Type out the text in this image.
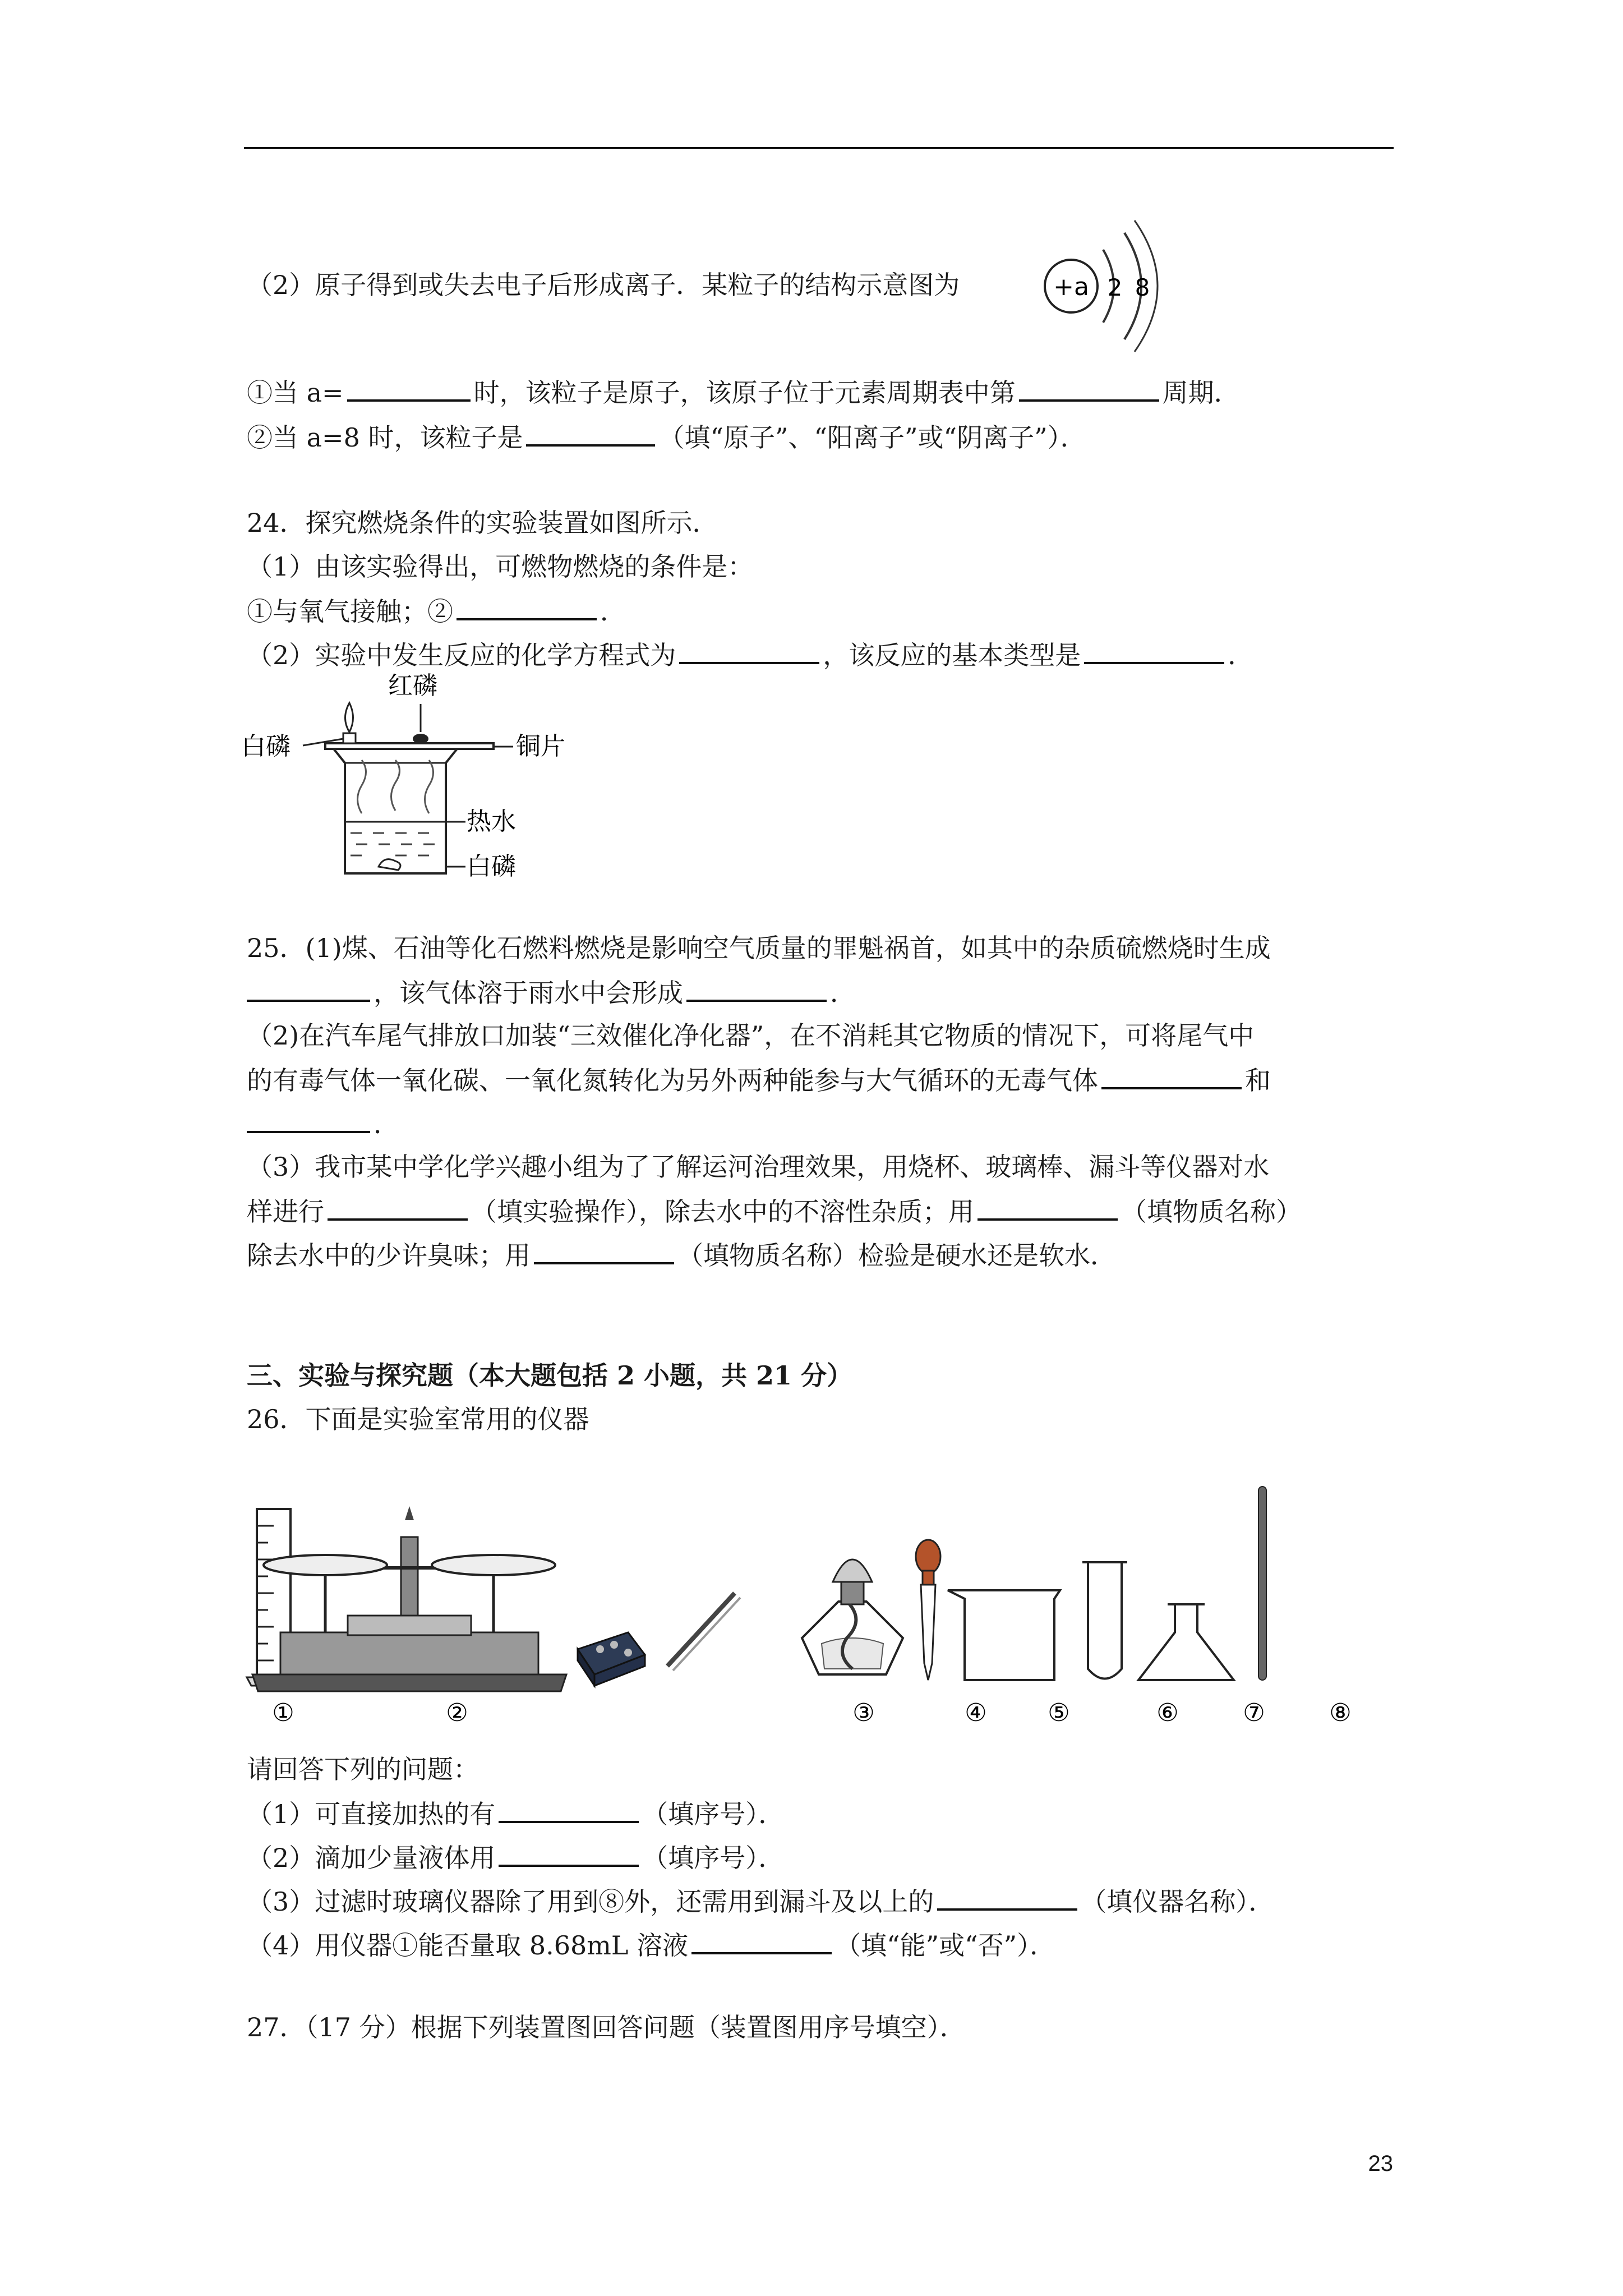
（2）原子得到或失去电子后形成离子．某粒子的结构示意图为	+a 2 8
①当 a=	时，该粒子是原子，该原子位于元素周期表中第	周期．
②当 a=8 时，该粒子是	（填“原子”、“阳离子”或“阴离子”）．
24．探究燃烧条件的实验装置如图所示．
（1）由该实验得出，可燃物燃烧的条件是：
①与氧气接触；②	．
（2）实验中发生反应的化学方程式为	，该反应的基本类型是	．
红磷
白磷	铜片
热水
白磷
25．(1)煤、石油等化石燃料燃烧是影响空气质量的罪魁祸首，如其中的杂质硫燃烧时生成
，该气体溶于雨水中会形成	．
（2)在汽车尾气排放口加装“三效催化净化器”，在不消耗其它物质的情况下，可将尾气中
的有毒气体一氧化碳、一氧化氮转化为另外两种能参与大气循环的无毒气体	和
．
（3）我市某中学化学兴趣小组为了了解运河治理效果，用烧杯、玻璃棒、漏斗等仪器对水
样进行	（填实验操作），除去水中的不溶性杂质；用	（填物质名称）
除去水中的少许臭味；用	（填物质名称）检验是硬水还是软水．
三、实验与探究题（本大题包括 2 小题，共 21 分）
26．下面是实验室常用的仪器
①	②	③	④ ⑤	⑥	⑦	⑧
请回答下列的问题：
（1）可直接加热的有	（填序号）．
（2）滴加少量液体用	（填序号）．
（3）过滤时玻璃仪器除了用到⑧外，还需用到漏斗及以上的	（填仪器名称）．
（4）用仪器①能否量取 8.68mL 溶液	（填“能”或“否”）．
27．（17 分）根据下列装置图回答问题（装置图用序号填空）．
23
